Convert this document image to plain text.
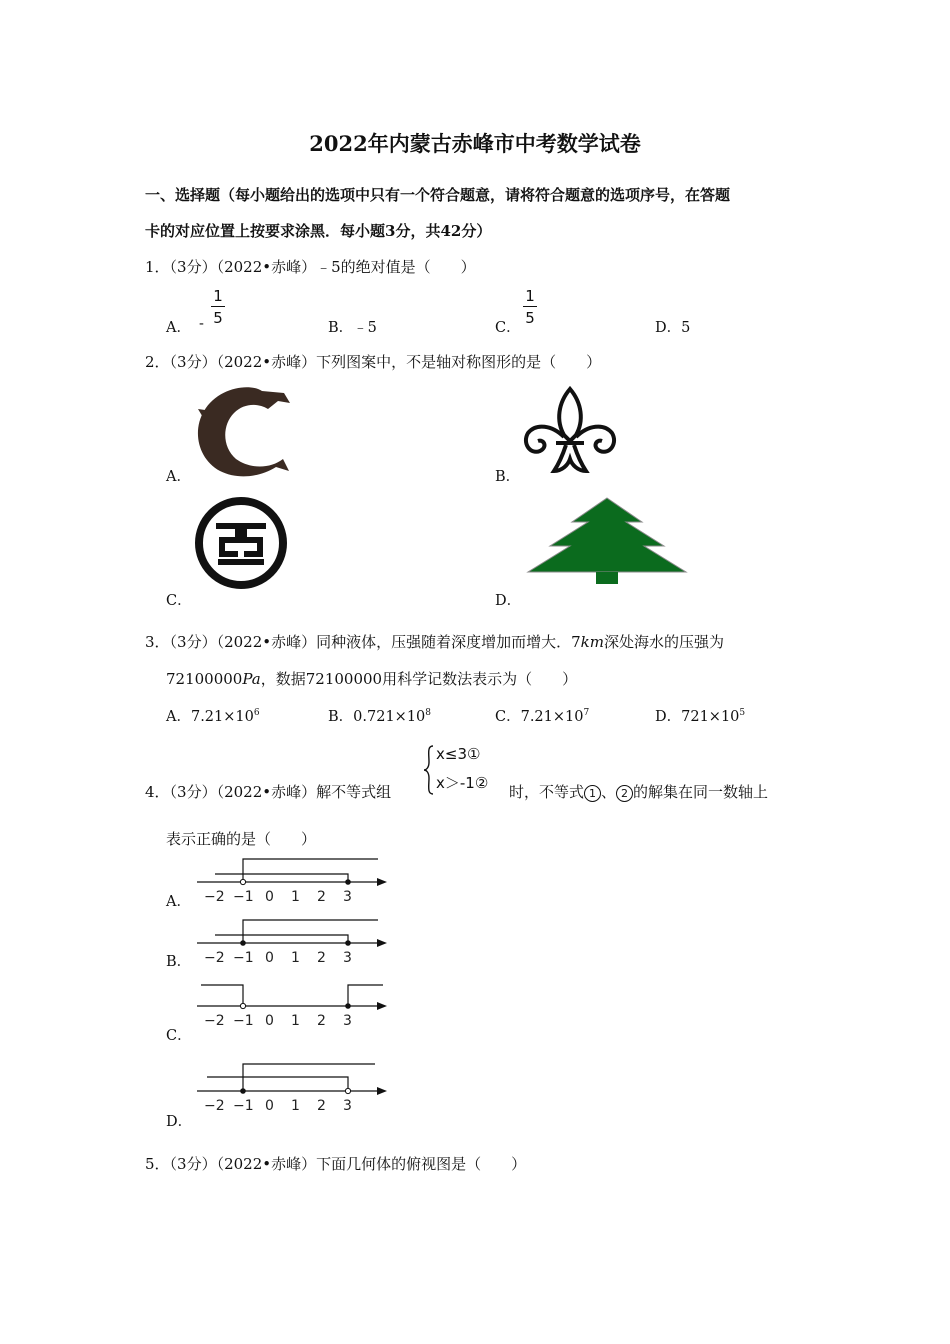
2022年内蒙古赤峰市中考数学试卷
一、选择题（每小题给出的选项中只有一个符合题意，请将符合题意的选项序号，在答题
卡的对应位置上按要求涂黑．每小题3分，共42分）
1．（3分）（2022•赤峰）﹣5的绝对值是（　　）
A． -
1
5
B．﹣5	C．
1
5
D．5
2．（3分）（2022•赤峰）下列图案中，不是轴对称图形的是（　　）
A．	B．
C．	D．
3．（3分）（2022•赤峰）同种液体，压强随着深度增加而增大．7km深处海水的压强为
72100000Pa，数据72100000用科学记数法表示为（　　）
A．$7.21\times 10^6$	B．$0.721\times 10^8$	C．$7.21\times 10^7$	D．$721\times 10^5$
4．（3分）（2022•赤峰）解不等式组
x≤3①
x＞-1② 时，不等式 1 、 2 的解集在同一数轴上
表示正确的是（　　）
−2 −1 0 1 2 3
A．
−2 −1 0 1 2 3
B．
−2 −1 0 1 2 3
C．
−2 −1 0 1 2 3
D．
5．（3分）（2022•赤峰）下面几何体的俯视图是（　　）
